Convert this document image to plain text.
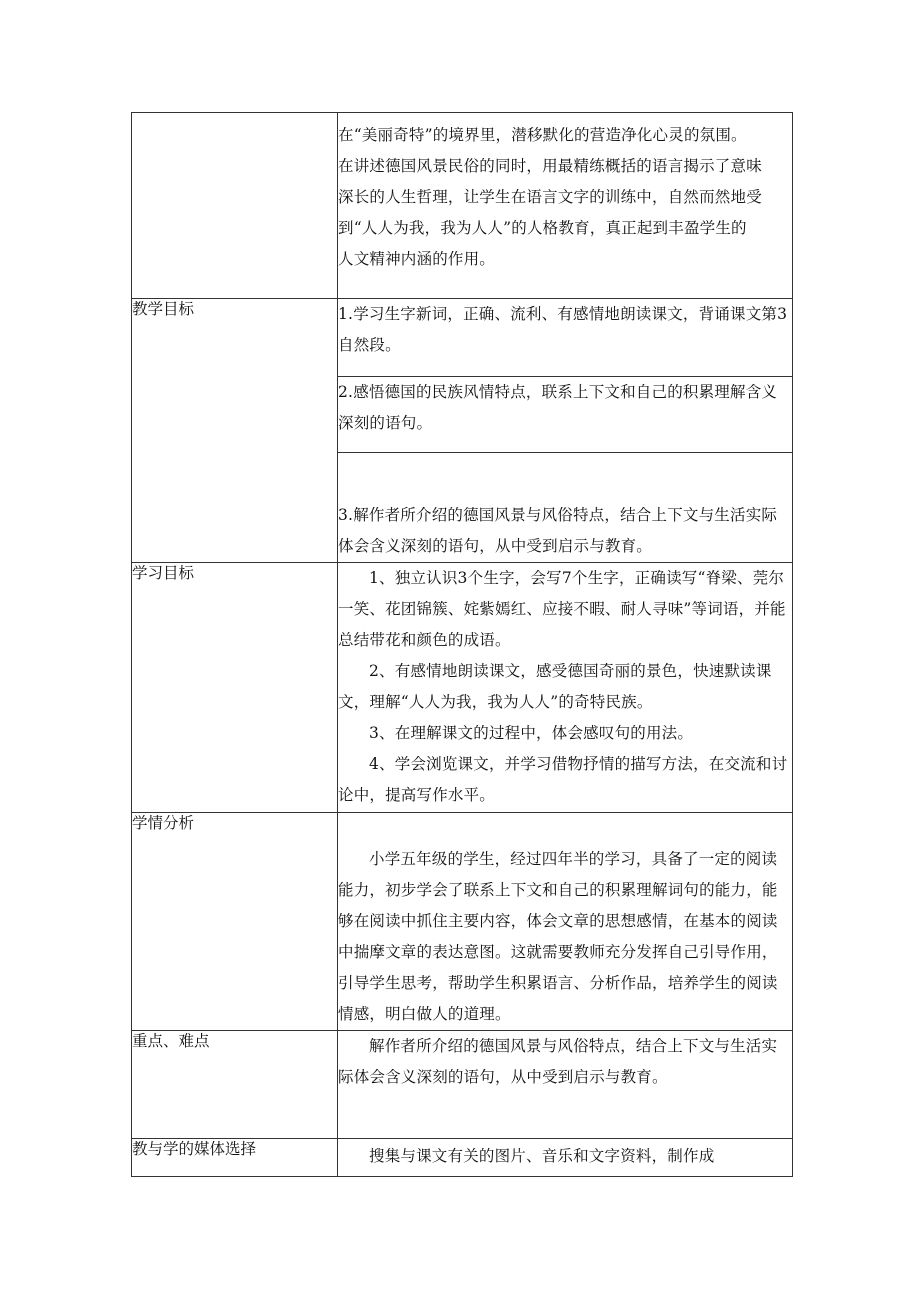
	在“美丽奇特”的境界里，潜移默化的营造净化心灵的氛围。

在讲述德国风景民俗的同时，用最精练概括的语言揭示了意味

深长的人生哲理，让学生在语言文字的训练中，自然而然地受

到“人人为我，我为人人”的人格教育，真正起到丰盈学生的

人文精神内涵的作用。

教学目标	1.学习生字新词，正确、流利、有感情地朗读课文，背诵课文第3自然段。

	2.感悟德国的民族风情特点，联系上下文和自己的积累理解含义深刻的语句。

	3.解作者所介绍的德国风景与风俗特点，结合上下文与生活实际体会含义深刻的语句，从中受到启示与教育。

学习目标	1、独立认识3个生字，会写7个生字，正确读写“脊梁、莞尔一笑、花团锦簇、姹紫嫣红、应接不暇、耐人寻味”等词语，并能总结带花和颜色的成语。

2、有感情地朗读课文，感受德国奇丽的景色，快速默读课文，理解“人人为我，我为人人”的奇特民族。

3、在理解课文的过程中，体会感叹句的用法。

4、学会浏览课文，并学习借物抒情的描写方法，在交流和讨论中，提高写作水平。

学情分析	小学五年级的学生，经过四年半的学习，具备了一定的阅读能力，初步学会了联系上下文和自己的积累理解词句的能力，能够在阅读中抓住主要内容，体会文章的思想感情，在基本的阅读中揣摩文章的表达意图。这就需要教师充分发挥自己引导作用，引导学生思考，帮助学生积累语言、分析作品，培养学生的阅读情感，明白做人的道理。

重点、难点	解作者所介绍的德国风景与风俗特点，结合上下文与生活实际体会含义深刻的语句，从中受到启示与教育。

教与学的媒体选择	搜集与课文有关的图片、音乐和文字资料，制作成
